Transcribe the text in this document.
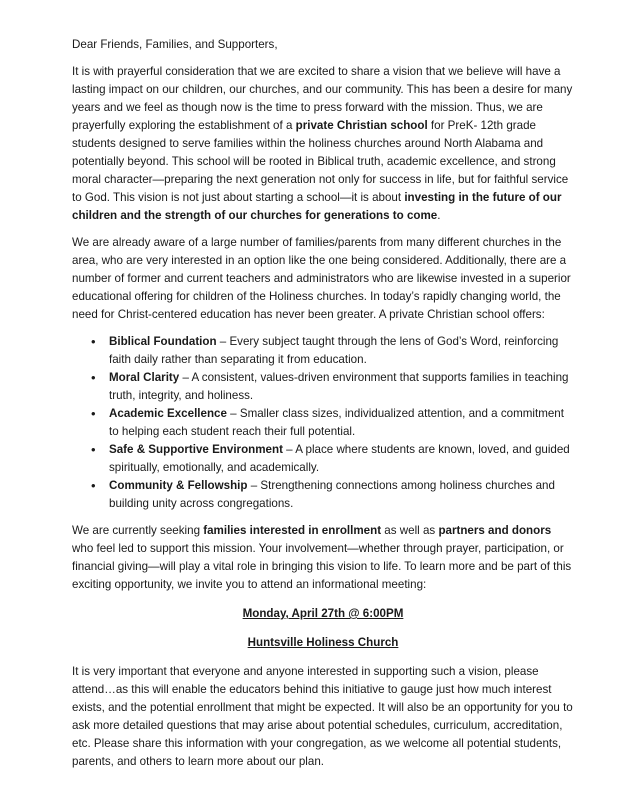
Dear Friends, Families, and Supporters,

It is with prayerful consideration that we are excited to share a vision that we believe will have a lasting impact on our children, our churches, and our community. This has been a desire for many years and we feel as though now is the time to press forward with the mission. Thus, we are prayerfully exploring the establishment of a private Christian school for PreK- 12th grade students designed to serve families within the holiness churches around North Alabama and potentially beyond. This school will be rooted in Biblical truth, academic excellence, and strong moral character—preparing the next generation not only for success in life, but for faithful service to God. This vision is not just about starting a school—it is about investing in the future of our children and the strength of our churches for generations to come.

We are already aware of a large number of families/parents from many different churches in the area, who are very interested in an option like the one being considered. Additionally, there are a number of former and current teachers and administrators who are likewise invested in a superior educational offering for children of the Holiness churches. In today’s rapidly changing world, the need for Christ-centered education has never been greater. A private Christian school offers:

• Biblical Foundation – Every subject taught through the lens of God’s Word, reinforcing faith daily rather than separating it from education.
• Moral Clarity – A consistent, values-driven environment that supports families in teaching truth, integrity, and holiness.
• Academic Excellence – Smaller class sizes, individualized attention, and a commitment to helping each student reach their full potential.
• Safe & Supportive Environment – A place where students are known, loved, and guided spiritually, emotionally, and academically.
• Community & Fellowship – Strengthening connections among holiness churches and building unity across congregations.

We are currently seeking families interested in enrollment as well as partners and donors who feel led to support this mission. Your involvement—whether through prayer, participation, or financial giving—will play a vital role in bringing this vision to life. To learn more and be part of this exciting opportunity, we invite you to attend an informational meeting:

Monday, April 27th @ 6:00PM
Huntsville Holiness Church

It is very important that everyone and anyone interested in supporting such a vision, please attend…as this will enable the educators behind this initiative to gauge just how much interest exists, and the potential enrollment that might be expected. It will also be an opportunity for you to ask more detailed questions that may arise about potential schedules, curriculum, accreditation, etc. Please share this information with your congregation, as we welcome all potential students, parents, and others to learn more about our plan.
